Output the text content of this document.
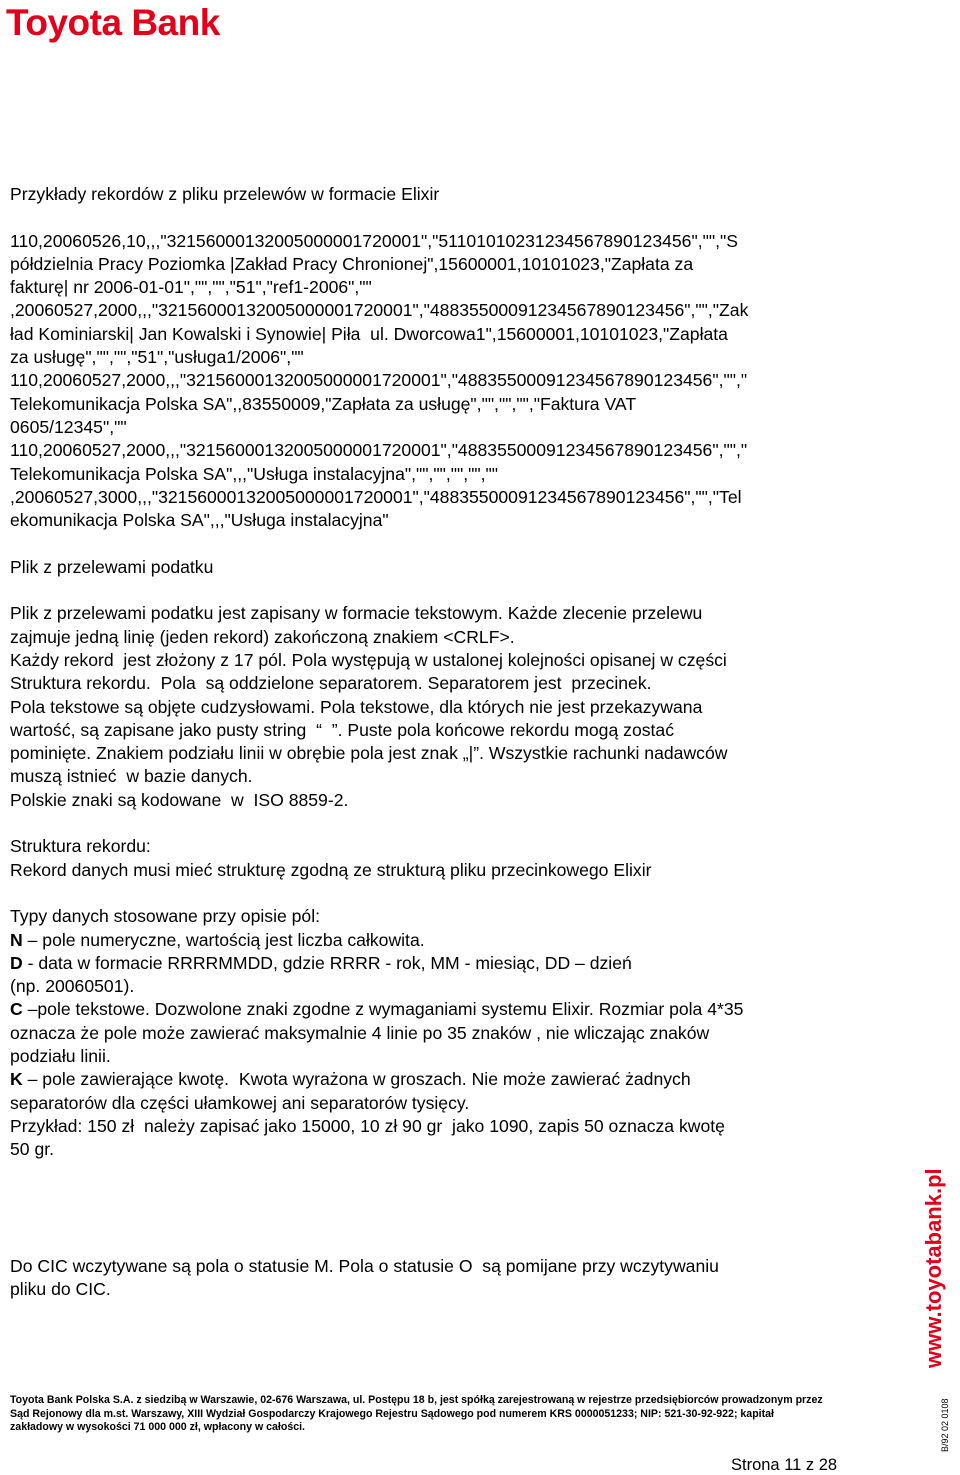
Toyota Bank

Przykłady rekordów z pliku przelewów w formacie Elixir

110,20060526,10,,,"32156000132005000001720001","51101010231234567890123456","","S
półdzielnia Pracy Poziomka |Zakład Pracy Chronionej",15600001,10101023,"Zapłata za
fakturę| nr 2006-01-01","","","51","ref1-2006",""
,20060527,2000,,,"32156000132005000001720001","48835500091234567890123456","","Zak
ład Kominiarski| Jan Kowalski i Synowie| Piła  ul. Dworcowa1",15600001,10101023,"Zapłata
za usługę","","","51","usługa1/2006",""
110,20060527,2000,,,"32156000132005000001720001","48835500091234567890123456","","
Telekomunikacja Polska SA",,83550009,"Zapłata za usługę","","","","Faktura VAT
0605/12345",""
110,20060527,2000,,,"32156000132005000001720001","48835500091234567890123456","","
Telekomunikacja Polska SA",,,"Usługa instalacyjna","","","","",""
,20060527,3000,,,"32156000132005000001720001","48835500091234567890123456","","Tel
ekomunikacja Polska SA",,,"Usługa instalacyjna"

Plik z przelewami podatku

Plik z przelewami podatku jest zapisany w formacie tekstowym. Każde zlecenie przelewu
zajmuje jedną linię (jeden rekord) zakończoną znakiem <CRLF>.
Każdy rekord  jest złożony z 17 pól. Pola występują w ustalonej kolejności opisanej w części
Struktura rekordu.  Pola  są oddzielone separatorem. Separatorem jest  przecinek.
Pola tekstowe są objęte cudzysłowami. Pola tekstowe, dla których nie jest przekazywana
wartość, są zapisane jako pusty string  “  ”. Puste pola końcowe rekordu mogą zostać
pominięte. Znakiem podziału linii w obrębie pola jest znak „|”. Wszystkie rachunki nadawców
muszą istnieć  w bazie danych.
Polskie znaki są kodowane  w  ISO 8859-2.

Struktura rekordu:

Rekord danych musi mieć strukturę zgodną ze strukturą pliku przecinkowego Elixir

Typy danych stosowane przy opisie pól:

N – pole numeryczne, wartością jest liczba całkowita.

D - data w formacie RRRRMMDD, gdzie RRRR - rok, MM - miesiąc, DD – dzień
(np. 20060501).

C –pole tekstowe. Dozwolone znaki zgodne z wymaganiami systemu Elixir. Rozmiar pola 4*35
oznacza że pole może zawierać maksymalnie 4 linie po 35 znaków , nie wliczając znaków
podziału linii.

K – pole zawierające kwotę.  Kwota wyrażona w groszach. Nie może zawierać żadnych
separatorów dla części ułamkowej ani separatorów tysięcy.

Przykład: 150 zł  należy zapisać jako 15000, 10 zł 90 gr  jako 1090, zapis 50 oznacza kwotę
50 gr.

Do CIC wczytywane są pola o statusie M. Pola o statusie O  są pomijane przy wczytywaniu
pliku do CIC.	www.toyotabank.pl
B/92 02 0108
Toyota Bank Polska S.A. z siedzibą w Warszawie, 02-676 Warszawa, ul. Postępu 18 b, jest spółką zarejestrowaną w rejestrze przedsiębiorców prowadzonym przez
Sąd Rejonowy dla m.st. Warszawy, XIII Wydział Gospodarczy Krajowego Rejestru Sądowego pod numerem KRS 0000051233; NIP: 521-30-92-922; kapitał
zakładowy w wysokości 71 000 000 zł, wpłacony w całości.
Strona 11 z 28
